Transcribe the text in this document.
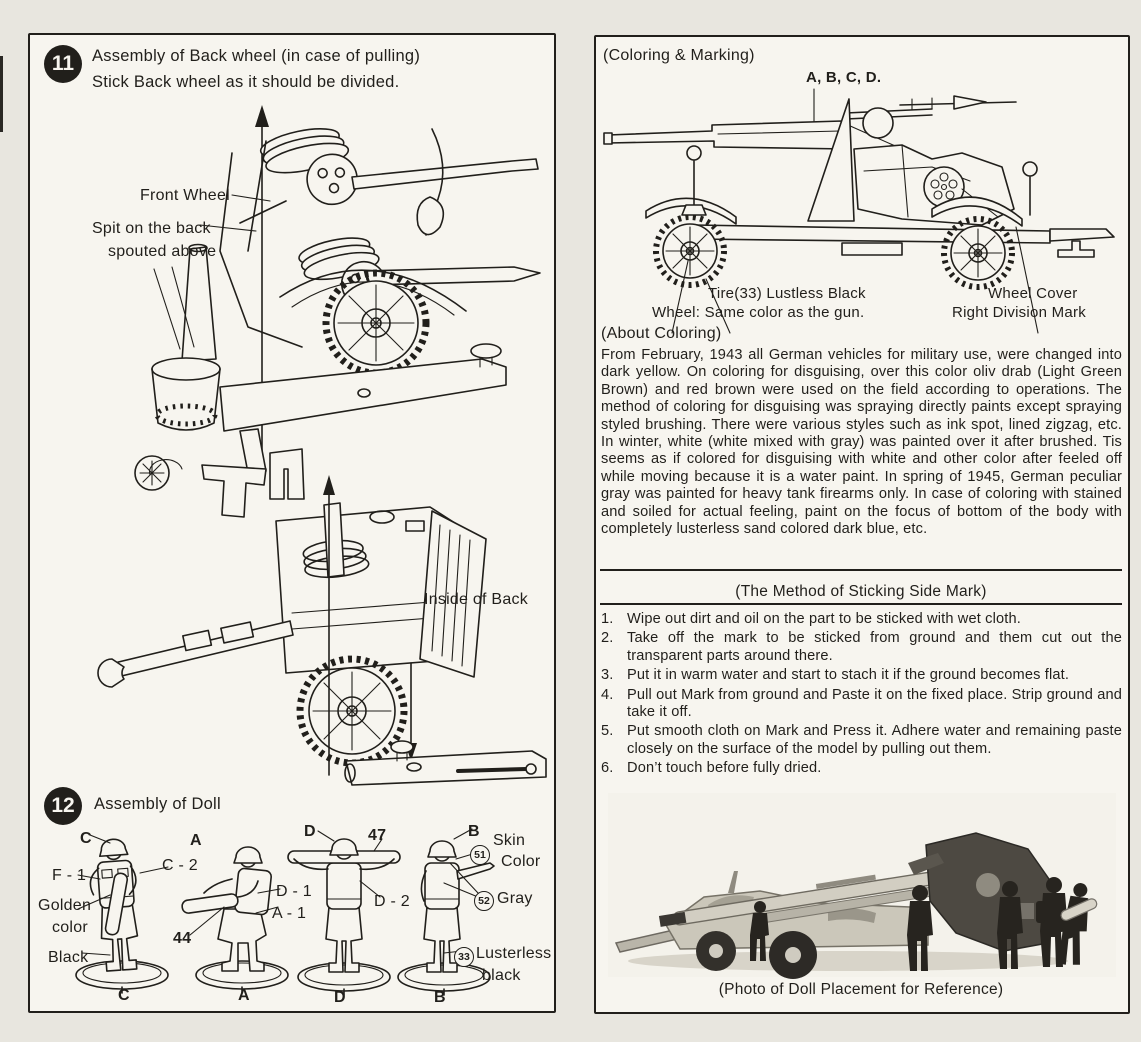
11 Assembly of Back wheel (in case of pulling)
Stick Back wheel as it should be divided.
Front Wheel
Spit on the back
spouted above
Inside of Back
12 Assembly of Doll
C
F - 1
C - 2
Golden
color
Black
A
44
D - 1
A - 1
D	47
D - 2
B
51
Skin
Color
52 Gray
33 Lusterless
black
C	A	D	B
(Coloring & Marking)
A, B, C, D.
Tire(33) Lustless Black
Wheel: Same color as the gun.
Wheel Cover
Right Division Mark
(About Coloring)
From February, 1943 all German vehicles for military use, were changed into dark yellow. On coloring for disguising, over this color oliv drab (Light Green Brown) and red brown were used on the field according to operations. The method of coloring for disguising was spraying directly paints except spraying styled brushing. There were various styles such as ink spot, lined zigzag, etc. In winter, white (white mixed with gray) was painted over it after brushed. Tis seems as if colored for disguising with white and other color after feeled off while moving because it is a water paint. In spring of 1945, German peculiar gray was painted for heavy tank firearms only. In case of coloring with stained and soiled for actual feeling, paint on the focus of bottom of the body with completely lusterless sand colored dark blue, etc.
(The Method of Sticking Side Mark)
1. Wipe out dirt and oil on the part to be sticked with wet cloth.
2. Take off the mark to be sticked from ground and them cut out the transparent parts around there.
3. Put it in warm water and start to stach it if the ground becomes flat.
4. Pull out Mark from ground and Paste it on the fixed place. Strip ground and take it off.
5. Put smooth cloth on Mark and Press it. Adhere water and remaining paste closely on the surface of the model by pulling out them.
6. Don’t touch before fully dried.
(Photo of Doll Placement for Reference)
